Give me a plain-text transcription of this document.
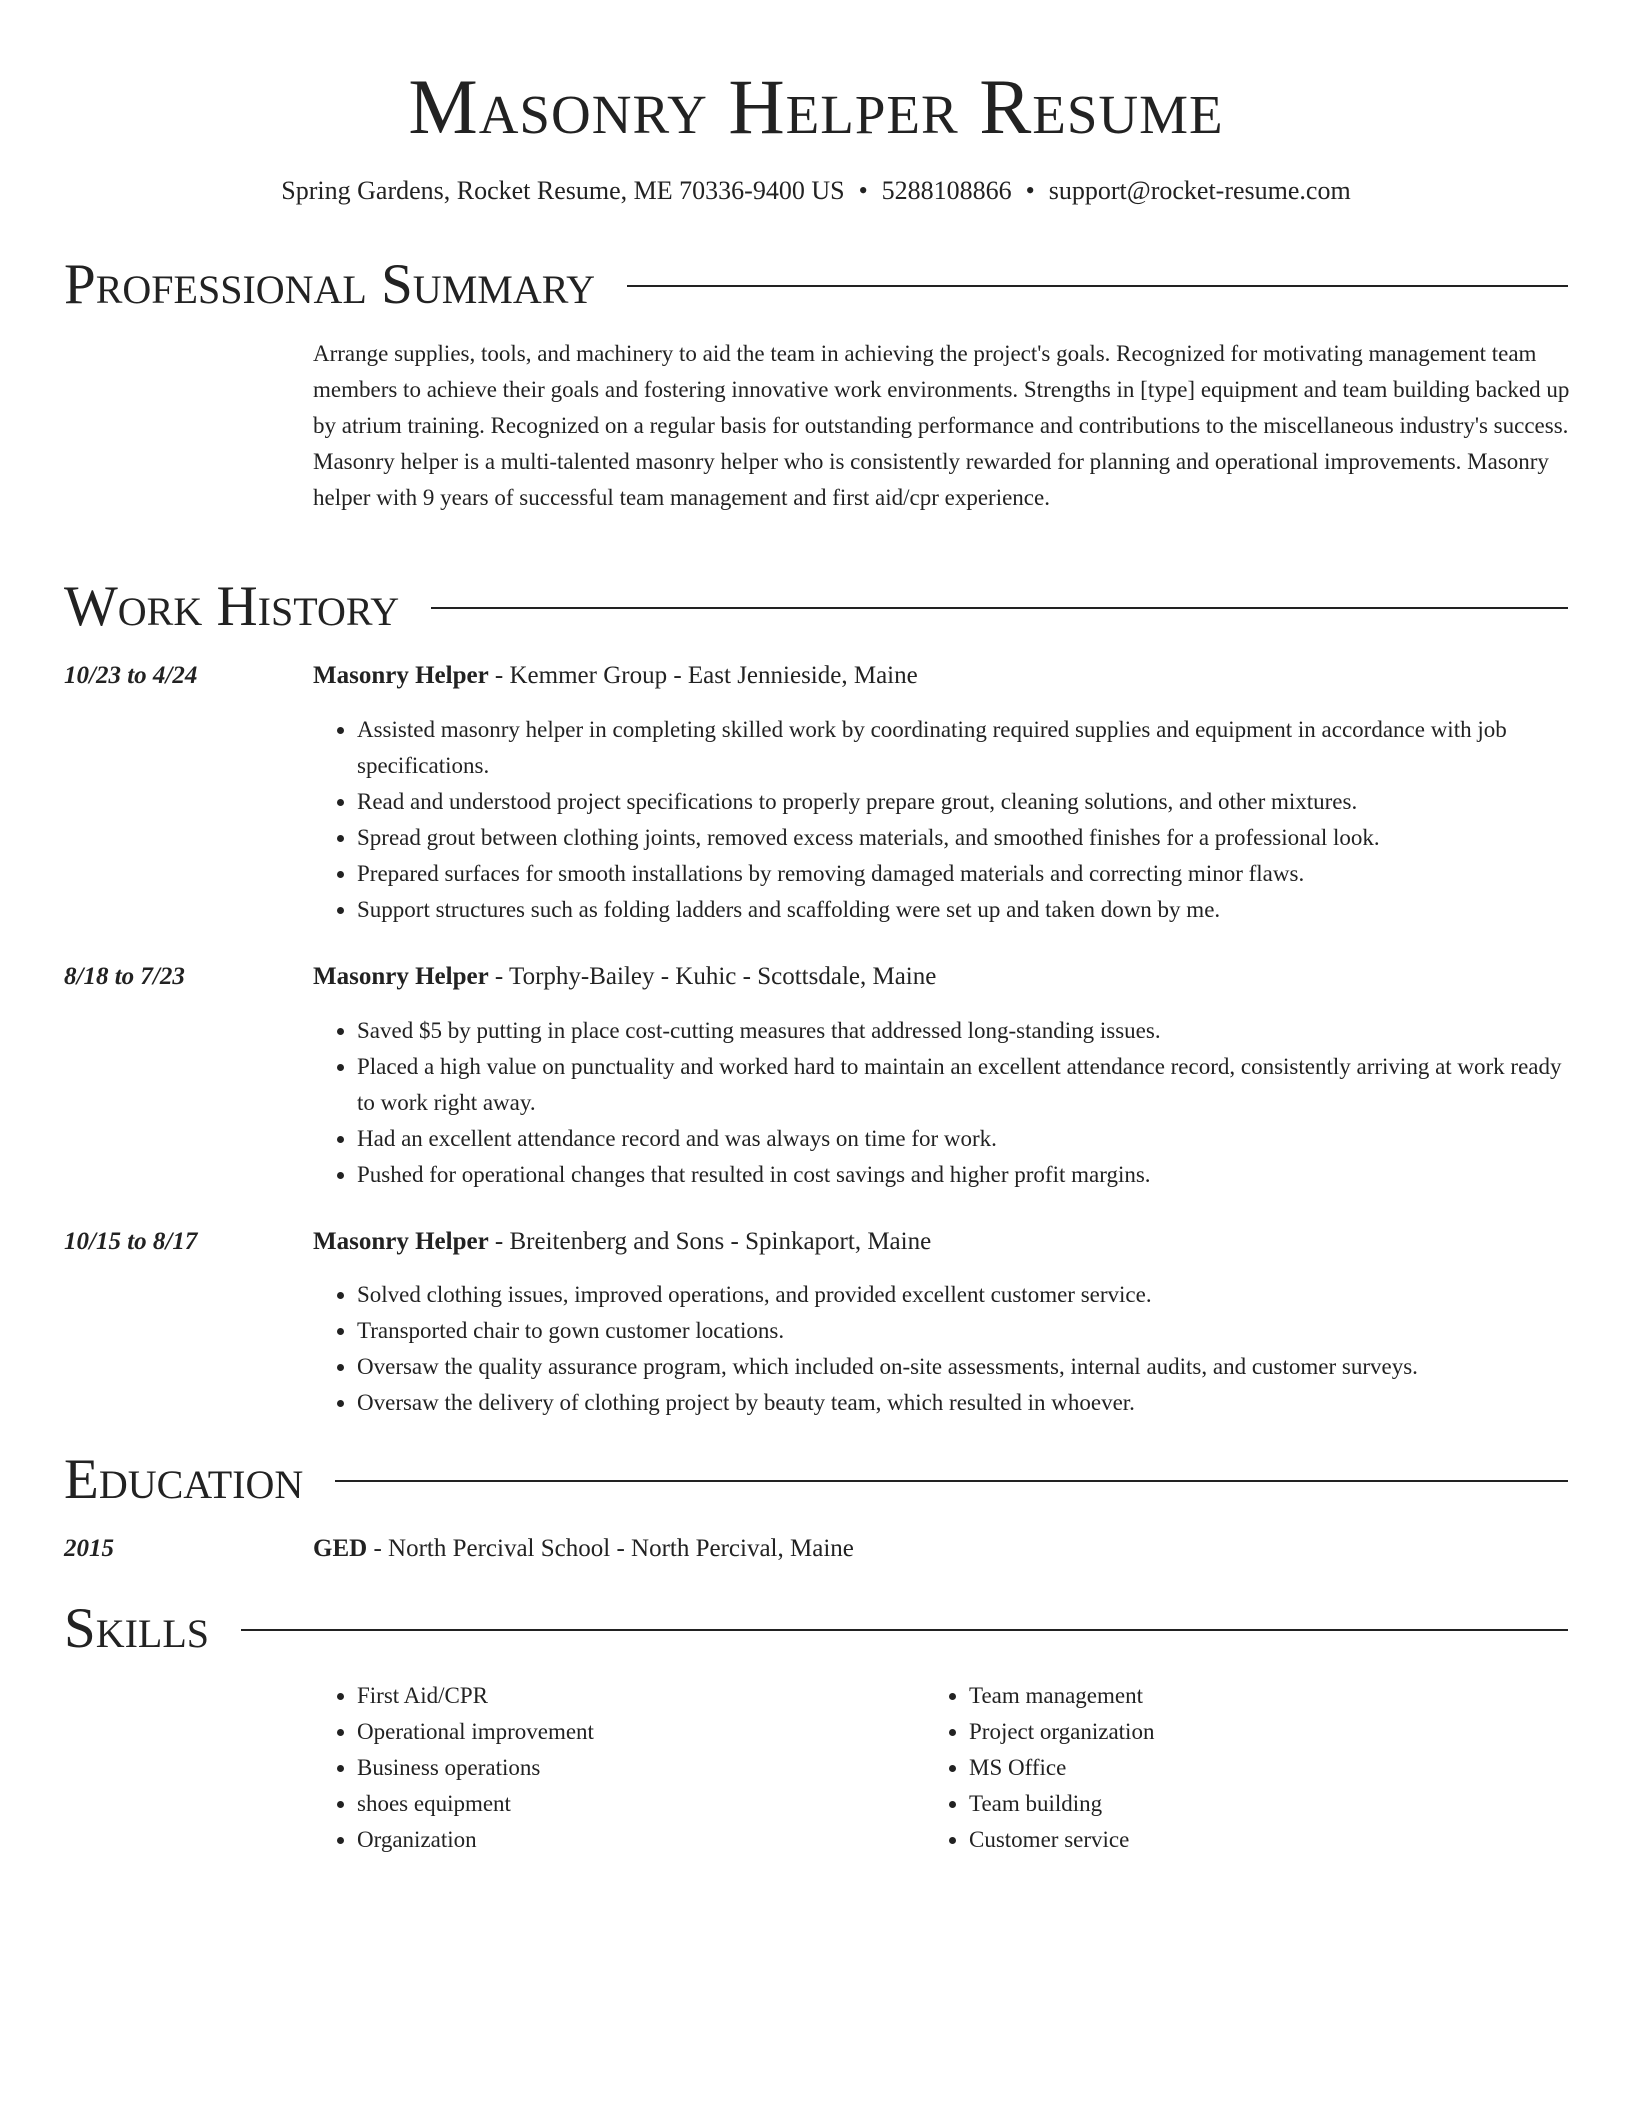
Masonry Helper Resume
Spring Gardens, Rocket Resume, ME 70336-9400 US • 5288108866 • support@rocket-resume.com
Professional Summary
Arrange supplies, tools, and machinery to aid the team in achieving the project's goals. Recognized for motivating management team members to achieve their goals and fostering innovative work environments. Strengths in [type] equipment and team building backed up by atrium training. Recognized on a regular basis for outstanding performance and contributions to the miscellaneous industry's success. Masonry helper is a multi-talented masonry helper who is consistently rewarded for planning and operational improvements. Masonry helper with 9 years of successful team management and first aid/cpr experience.
Work History
10/23 to 4/24	Masonry Helper - Kemmer Group - East Jennieside, Maine
• Assisted masonry helper in completing skilled work by coordinating required supplies and equipment in accordance with job specifications.
• Read and understood project specifications to properly prepare grout, cleaning solutions, and other mixtures.
• Spread grout between clothing joints, removed excess materials, and smoothed finishes for a professional look.
• Prepared surfaces for smooth installations by removing damaged materials and correcting minor flaws.
• Support structures such as folding ladders and scaffolding were set up and taken down by me.
8/18 to 7/23	Masonry Helper - Torphy-Bailey - Kuhic - Scottsdale, Maine
• Saved $5 by putting in place cost-cutting measures that addressed long-standing issues.
• Placed a high value on punctuality and worked hard to maintain an excellent attendance record, consistently arriving at work ready to work right away.
• Had an excellent attendance record and was always on time for work.
• Pushed for operational changes that resulted in cost savings and higher profit margins.
10/15 to 8/17	Masonry Helper - Breitenberg and Sons - Spinkaport, Maine
• Solved clothing issues, improved operations, and provided excellent customer service.
• Transported chair to gown customer locations.
• Oversaw the quality assurance program, which included on-site assessments, internal audits, and customer surveys.
• Oversaw the delivery of clothing project by beauty team, which resulted in whoever.
Education
2015	GED - North Percival School - North Percival, Maine
Skills
• First Aid/CPR
• Operational improvement
• Business operations
• shoes equipment
• Organization
• Team management
• Project organization
• MS Office
• Team building
• Customer service
